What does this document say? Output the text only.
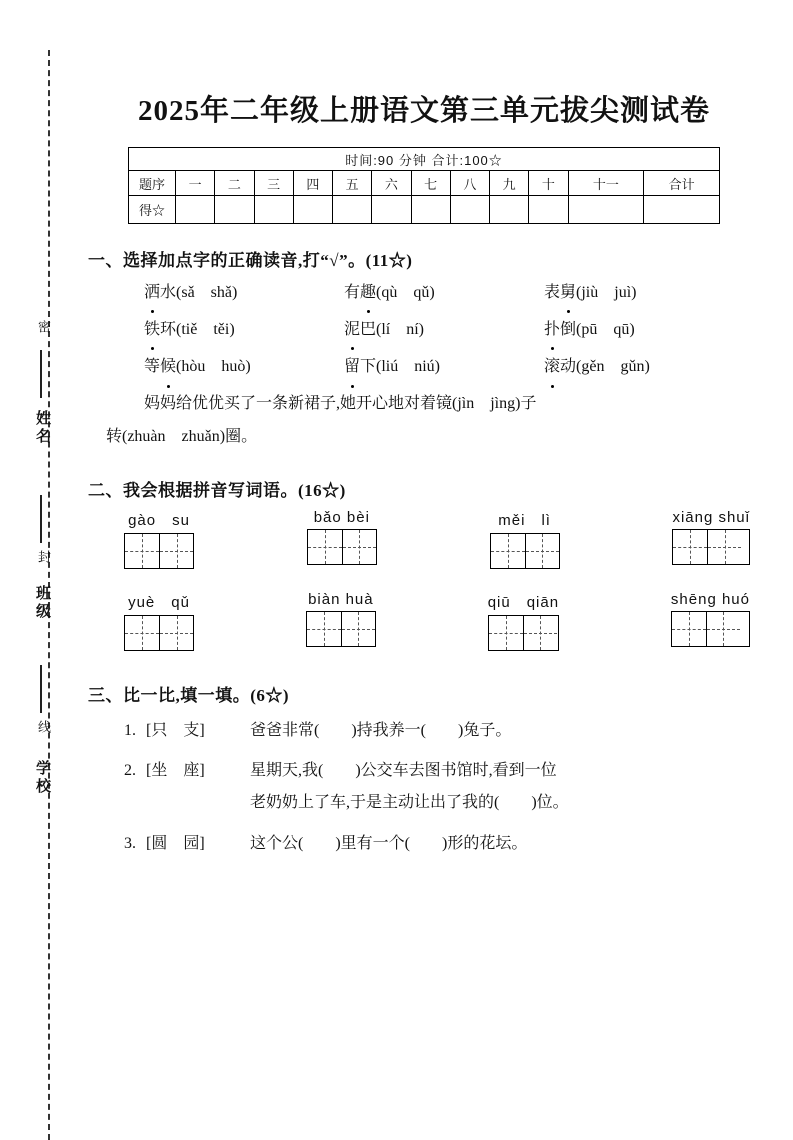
密
姓名
封
班级
线
学校
2025年二年级上册语文第三单元拔尖测试卷
时间:90 分钟 合计:100☆												
题序	一	二	三	四	五	六	七	八	九	十	十一	合计
得☆												
一、选择加点字的正确读音,打“√”。(11☆)
洒水(sǎ　shǎ)	有趣(qù　qǔ)	表舅(jiù　juì)
铁环(tiě　těi)	泥巴(lí　ní)	扑倒(pū　qū)
等候(hòu　huò)	留下(liú　niú)	滚动(gěn　gǔn)
妈妈给优优买了一条新裙子,她开心地对着镜(jìn　jìng)子
转(zhuàn　zhuǎn)圈。
二、我会根据拼音写词语。(16☆)
gào　su	bǎo bèi	měi　lì	xiāng shuǐ
yuè　qǔ	biàn huà	qiū　qiān	shēng huó
三、比一比,填一填。(6☆)
1. [只　支]	爸爸非常(　　)持我养一(　　)兔子。
2. [坐　座]	星期天,我(　　)公交车去图书馆时,看到一位
老奶奶上了车,于是主动让出了我的(　　)位。
3. [圆　园]	这个公(　　)里有一个(　　)形的花坛。
